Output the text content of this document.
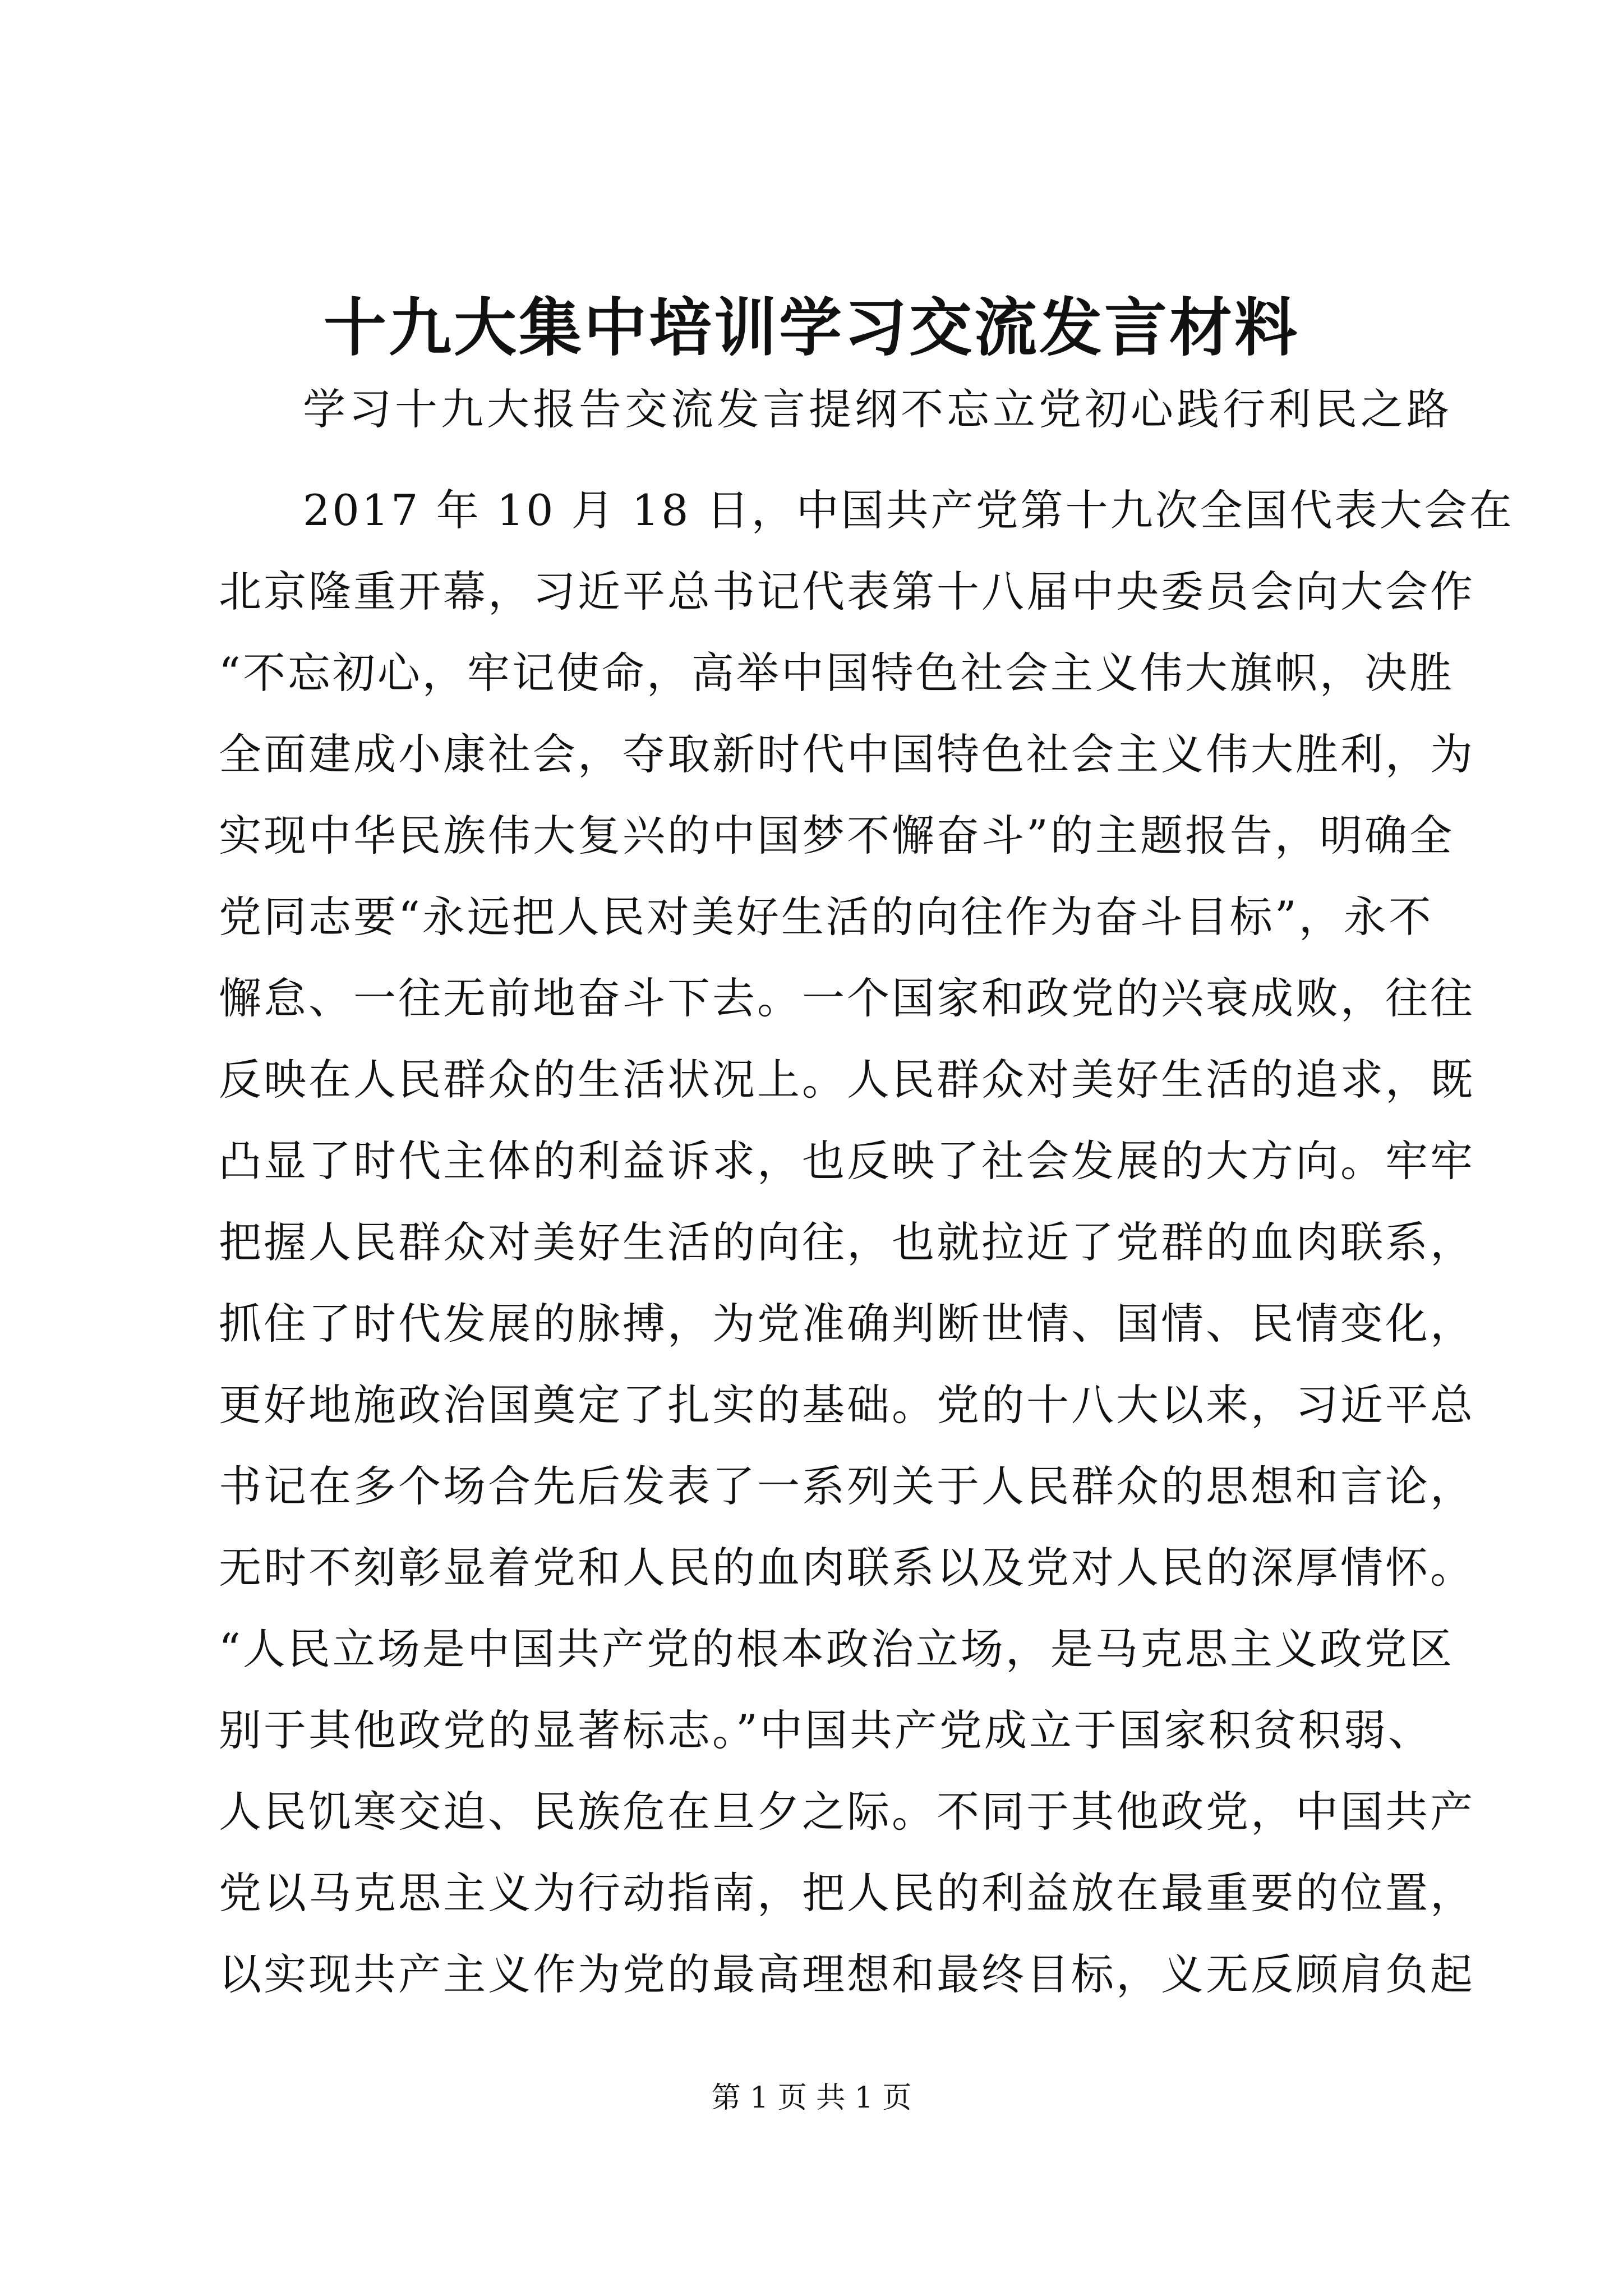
十九大集中培训学习交流发言材料
学习十九大报告交流发言提纲不忘立党初心践行利民之路
2017 年 10 月 18 日，中国共产党第十九次全国代表大会在
北京隆重开幕，习近平总书记代表第十八届中央委员会向大会作
“不忘初心，牢记使命，高举中国特色社会主义伟大旗帜，决胜
全面建成小康社会，夺取新时代中国特色社会主义伟大胜利，为
实现中华民族伟大复兴的中国梦不懈奋斗”的主题报告，明确全
党同志要“永远把人民对美好生活的向往作为奋斗目标”，永不
懈怠、一往无前地奋斗下去。一个国家和政党的兴衰成败，往往
反映在人民群众的生活状况上。人民群众对美好生活的追求，既
凸显了时代主体的利益诉求，也反映了社会发展的大方向。牢牢
把握人民群众对美好生活的向往，也就拉近了党群的血肉联系，
抓住了时代发展的脉搏，为党准确判断世情、国情、民情变化，
更好地施政治国奠定了扎实的基础。党的十八大以来，习近平总
书记在多个场合先后发表了一系列关于人民群众的思想和言论，
无时不刻彰显着党和人民的血肉联系以及党对人民的深厚情怀。
“人民立场是中国共产党的根本政治立场，是马克思主义政党区
别于其他政党的显著标志。”中国共产党成立于国家积贫积弱、
人民饥寒交迫、民族危在旦夕之际。不同于其他政党，中国共产
党以马克思主义为行动指南，把人民的利益放在最重要的位置，
以实现共产主义作为党的最高理想和最终目标，义无反顾肩负起
第 1 页 共 1 页
